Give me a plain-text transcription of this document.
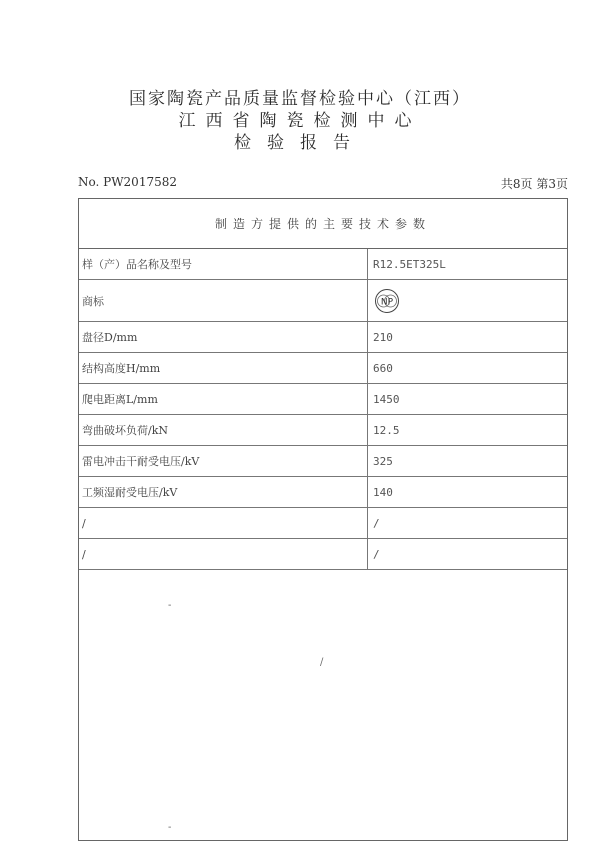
国家陶瓷产品质量监督检验中心（江西）
江西省陶瓷检测中心
检验报告
No. PW2017582	共8页 第3页
制造方提供的主要技术参数
样（产）品名称及型号	R12.5ET325L
商标	NP
盘径D/mm	210
结构高度H/mm	660
爬电距离L/mm	1450
弯曲破坏负荷/kN	12.5
雷电冲击干耐受电压/kV	325
工频湿耐受电压/kV	140
/	/
/	/
-
/
-
